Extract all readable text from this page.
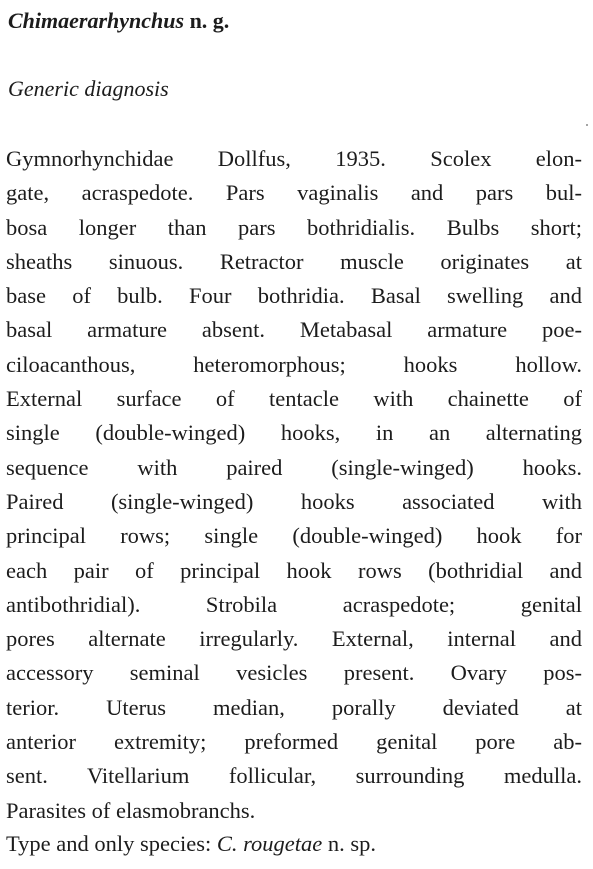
Chimaerarhynchus n. g.
Generic diagnosis
Gymnorhynchidae Dollfus, 1935. Scolex elon-
gate, acraspedote. Pars vaginalis and pars bul-
bosa longer than pars bothridialis. Bulbs short;
sheaths sinuous. Retractor muscle originates at
base of bulb. Four bothridia. Basal swelling and
basal armature absent. Metabasal armature poe-
ciloacanthous, heteromorphous; hooks hollow.
External surface of tentacle with chainette of
single (double-winged) hooks, in an alternating
sequence with paired (single-winged) hooks.
Paired (single-winged) hooks associated with
principal rows; single (double-winged) hook for
each pair of principal hook rows (bothridial and
antibothridial). Strobila acraspedote; genital
pores alternate irregularly. External, internal and
accessory seminal vesicles present. Ovary pos-
terior. Uterus median, porally deviated at
anterior extremity; preformed genital pore ab-
sent. Vitellarium follicular, surrounding medulla.
Parasites of elasmobranchs.
Type and only species: C. rougetae n. sp.
